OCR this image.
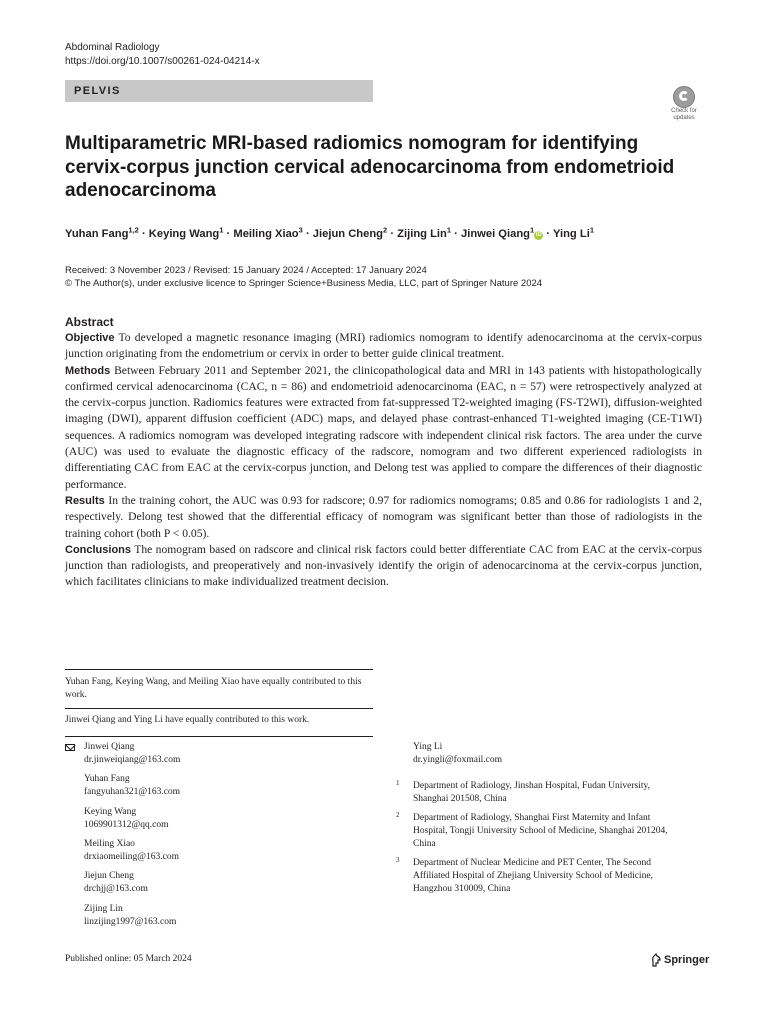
Abdominal Radiology
https://doi.org/10.1007/s00261-024-04214-x
PELVIS
Check for
updates
Multiparametric MRI-based radiomics nomogram for identifying cervix-corpus junction cervical adenocarcinoma from endometrioid adenocarcinoma
Yuhan Fang$^{1,2}$ · Keying Wang$^1$ · Meiling Xiao$^3$ · Jiejun Cheng$^2$ · Zijing Lin$^1$ · Jinwei Qiang$^1$iD · Ying Li$^1$
Received: 3 November 2023 / Revised: 15 January 2024 / Accepted: 17 January 2024
© The Author(s), under exclusive licence to Springer Science+Business Media, LLC, part of Springer Nature 2024
Abstract

Objective To developed a magnetic resonance imaging (MRI) radiomics nomogram to identify adenocarcinoma at the cervix-corpus junction originating from the endometrium or cervix in order to better guide clinical treatment.

Methods Between February 2011 and September 2021, the clinicopathological data and MRI in 143 patients with histopathologically confirmed cervical adenocarcinoma (CAC, n = 86) and endometrioid adenocarcinoma (EAC, n = 57) were retrospectively analyzed at the cervix-corpus junction. Radiomics features were extracted from fat-suppressed T2-weighted imaging (FS-T2WI), diffusion-weighted imaging (DWI), apparent diffusion coefficient (ADC) maps, and delayed phase contrast-enhanced T1-weighted imaging (CE-T1WI) sequences. A radiomics nomogram was developed integrating radscore with independent clinical risk factors. The area under the curve (AUC) was used to evaluate the diagnostic efficacy of the radscore, nomogram and two different experienced radiologists in differentiating CAC from EAC at the cervix-corpus junction, and Delong test was applied to compare the differences of their diagnostic performance.

Results In the training cohort, the AUC was 0.93 for radscore; 0.97 for radiomics nomograms; 0.85 and 0.86 for radiologists 1 and 2, respectively. Delong test showed that the differential efficacy of nomogram was significant better than those of radiologists in the training cohort (both P < 0.05).

Conclusions The nomogram based on radscore and clinical risk factors could better differentiate CAC from EAC at the cervix-corpus junction than radiologists, and preoperatively and non-invasively identify the origin of adenocarcinoma at the cervix-corpus junction, which facilitates clinicians to make individualized treatment decision.

Yuhan Fang, Keying Wang, and Meiling Xiao have equally contributed to this work.
Jinwei Qiang and Ying Li have equally contributed to this work.
Jinwei Qiang
dr.jinweiqiang@163.com
Yuhan Fang
fangyuhan321@163.com
Keying Wang
1069901312@qq.com
Meiling Xiao
drxiaomeiling@163.com
Jiejun Cheng
drchjj@163.com
Zijing Lin
linzijing1997@163.com
Ying Li
dr.yingli@foxmail.com
1 Department of Radiology, Jinshan Hospital, Fudan University, Shanghai 201508, China
2 Department of Radiology, Shanghai First Maternity and Infant Hospital, Tongji University School of Medicine, Shanghai 201204, China
3 Department of Nuclear Medicine and PET Center, The Second Affiliated Hospital of Zhejiang University School of Medicine, Hangzhou 310009, China
Published online: 05 March 2024	Springer
